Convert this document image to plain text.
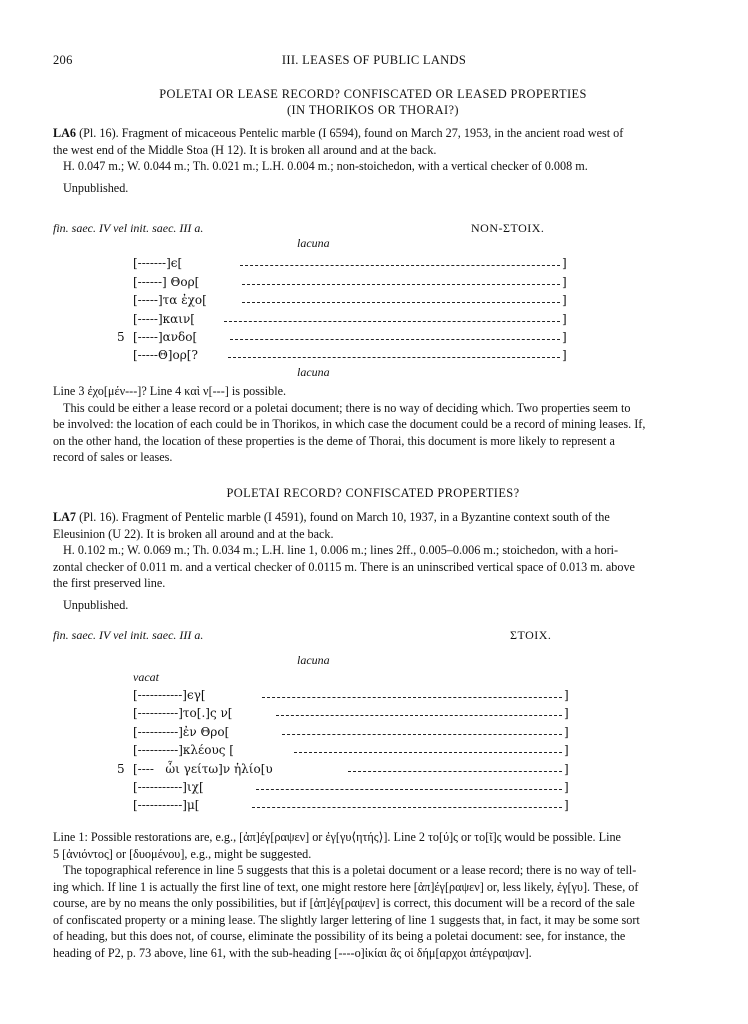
206	III. LEASES OF PUBLIC LANDS
POLETAI OR LEASE RECORD? CONFISCATED OR LEASED PROPERTIES
(IN THORIKOS OR THORAI?)
LA6 (Pl. 16). Fragment of micaceous Pentelic marble (I 6594), found on March 27, 1953, in the ancient road west of
the west end of the Middle Stoa (H 12). It is broken all around and at the back.
H. 0.047 m.; W. 0.044 m.; Th. 0.021 m.; L.H. 0.004 m.; non-stoichedon, with a vertical checker of 0.008 m.
Unpublished.
fin. saec. IV vel init. saec. III a.	NON-ΣΤΟΙΧ.
lacuna
[-------]ϵ[	]
[------] Θορ[	]
[-----]τα ἐχο[	]
[-----]καιν[	]
5 [-----]ανδο[	]
[-----Θ]ορ[?	]
lacuna
Line 3 ἐχο[μέν---]? Line 4 καὶ ν[---] is possible.
This could be either a lease record or a poletai document; there is no way of deciding which. Two properties seem to
be involved: the location of each could be in Thorikos, in which case the document could be a record of mining leases. If,
on the other hand, the location of these properties is the deme of Thorai, this document is more likely to represent a
record of sales or leases.
POLETAI RECORD? CONFISCATED PROPERTIES?
LA7 (Pl. 16). Fragment of Pentelic marble (I 4591), found on March 10, 1937, in a Byzantine context south of the
Eleusinion (U 22). It is broken all around and at the back.
H. 0.102 m.; W. 0.069 m.; Th. 0.034 m.; L.H. line 1, 0.006 m.; lines 2ff., 0.005–0.006 m.; stoichedon, with a hori-
zontal checker of 0.011 m. and a vertical checker of 0.0115 m. There is an uninscribed vertical space of 0.013 m. above
the first preserved line.
Unpublished.
fin. saec. IV vel init. saec. III a.	ΣΤΟΙΧ.
lacuna
vacat
[-----------]ϵγ[	]
[----------]το[.]ς ν[	]
[----------]ἐν Θρο[	]
[----------]κλέους [	]
5 [---- ὧι γείτω]ν ἡλίο[υ	]
[-----------]ιχ[	]
[-----------]μ[	]
Line 1: Possible restorations are, e.g., [ἀπ]έγ[ραψεν] or ἐγ[γυ⟨ητής⟩]. Line 2 το[ύ]ς or το[ῖ]ς would be possible. Line
5 [ἀνιόντος] or [δυομένου], e.g., might be suggested.
The topographical reference in line 5 suggests that this is a poletai document or a lease record; there is no way of tell-
ing which. If line 1 is actually the first line of text, one might restore here [ἀπ]έγ[ραψεν] or, less likely, ἐγ[γυ]. These, of
course, are by no means the only possibilities, but if [ἀπ]έγ[ραψεν] is correct, this document will be a record of the sale
of confiscated property or a mining lease. The slightly larger lettering of line 1 suggests that, in fact, it may be some sort
of heading, but this does not, of course, eliminate the possibility of its being a poletai document: see, for instance, the
heading of P2, p. 73 above, line 61, with the sub-heading [----ο]ἰκίαι ἃς οἱ δήμ[αρχοι ἀπέγραψαν].
